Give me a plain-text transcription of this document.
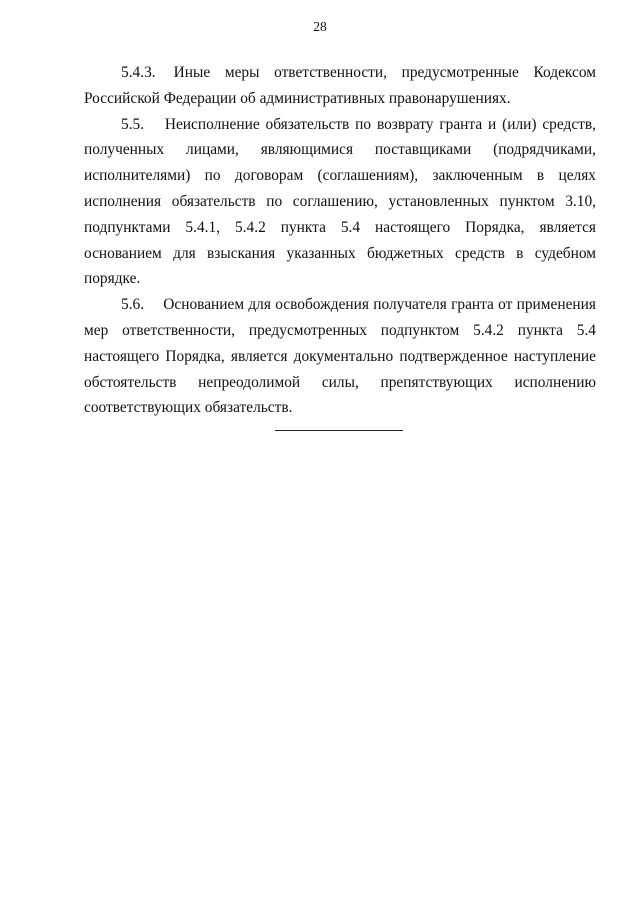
28

5.4.3. Иные меры ответственности, предусмотренные Кодексом Российской Федерации об административных правонарушениях.

5.5. Неисполнение обязательств по возврату гранта и (или) средств, полученных лицами, являющимися поставщиками (подрядчиками, исполнителями) по договорам (соглашениям), заключенным в целях исполнения обязательств по соглашению, установленных пунктом 3.10, подпунктами 5.4.1, 5.4.2 пункта 5.4 настоящего Порядка, является основанием для взыскания указанных бюджетных средств в судебном порядке.

5.6. Основанием для освобождения получателя гранта от применения мер ответственности, предусмотренных подпунктом 5.4.2 пункта 5.4 настоящего Порядка, является документально подтвержденное наступление обстоятельств непреодолимой силы, препятствующих исполнению соответствующих обязательств.
